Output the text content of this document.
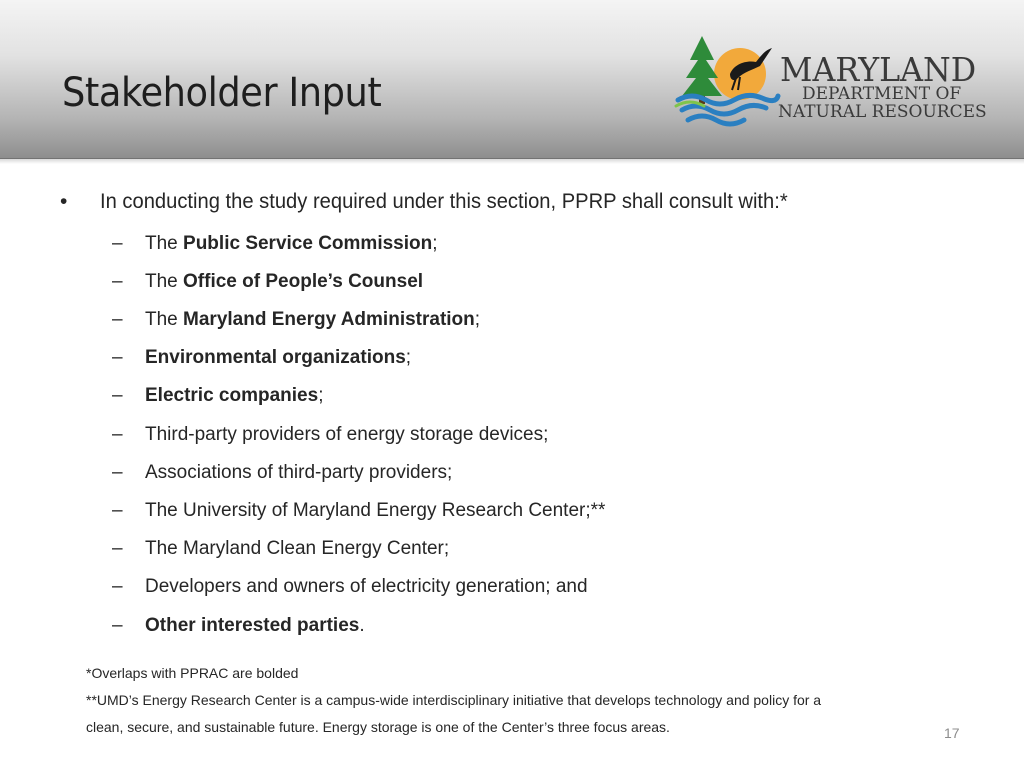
Stakeholder Input
MARYLAND
DEPARTMENT OF
NATURAL RESOURCES
• In conducting the study required under this section, PPRP shall consult with:*
– The Public Service Commission;
– The Office of People’s Counsel
– The Maryland Energy Administration;
– Environmental organizations;
– Electric companies;
– Third-party providers of energy storage devices;
– Associations of third-party providers;
– The University of Maryland Energy Research Center;**
– The Maryland Clean Energy Center;
– Developers and owners of electricity generation; and
– Other interested parties.
*Overlaps with PPRAC are bolded
**UMD’s Energy Research Center is a campus-wide interdisciplinary initiative that develops technology and policy for a
clean, secure, and sustainable future. Energy storage is one of the Center’s three focus areas.	17
